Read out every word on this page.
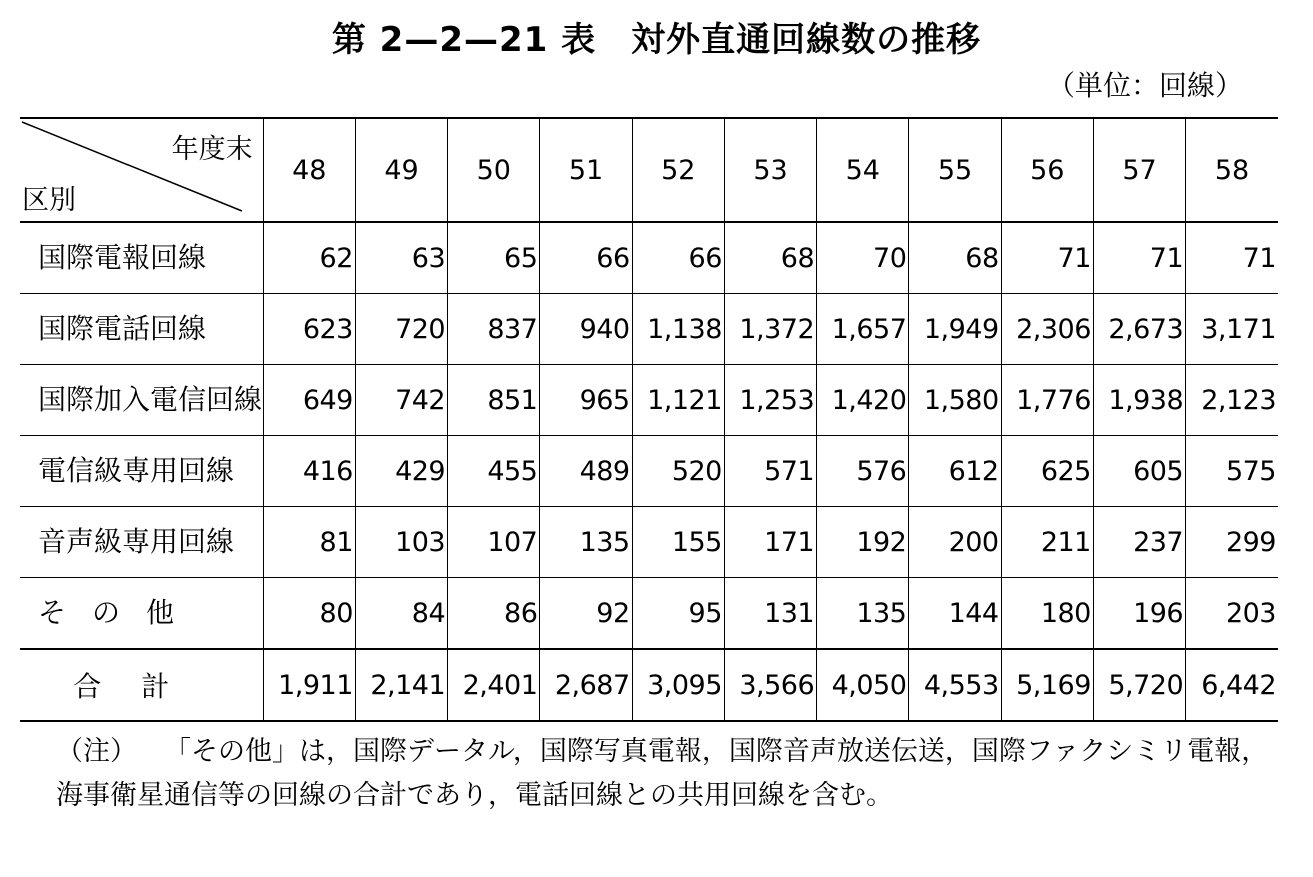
第 2—2—21 表　対外直通回線数の推移
（単位：回線）
年度末
区別	48	49	50	51	52	53	54	55	56	57	58
国際電報回線	62	63	65	66	66	68	70	68	71	71	71
国際電話回線	623	720	837	940	1,138	1,372	1,657	1,949	2,306	2,673	3,171
国際加入電信回線	649	742	851	965	1,121	1,253	1,420	1,580	1,776	1,938	2,123
電信級専用回線	416	429	455	489	520	571	576	612	625	605	575
音声級専用回線	81	103	107	135	155	171	192	200	211	237	299
その他	80	84	86	92	95	131	135	144	180	196	203
合計	1,911	2,141	2,401	2,687	3,095	3,566	4,050	4,553	5,169	5,720	6,442
（注） 「その他」は，国際データル，国際写真電報，国際音声放送伝送，国際ファクシミリ電報，海事衛星通信等の回線の合計であり，電話回線との共用回線を含む。
